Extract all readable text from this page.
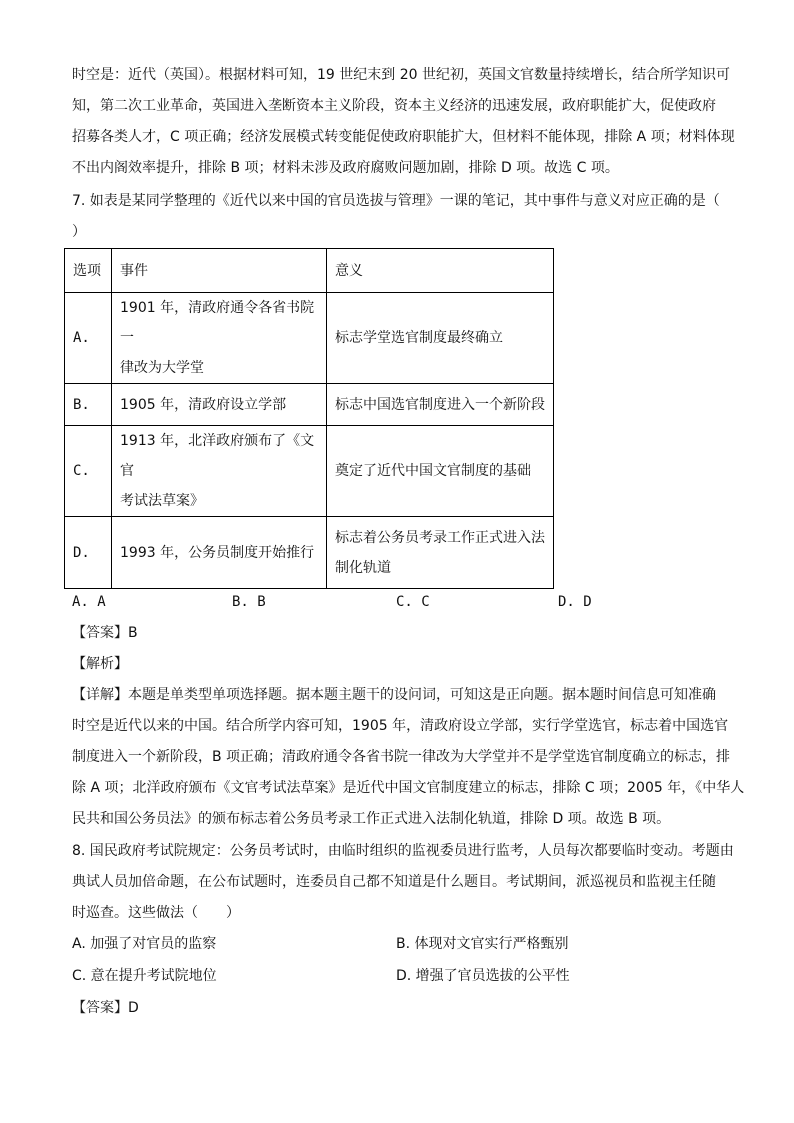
时空是：近代（英国）。根据材料可知，19 世纪末到 20 世纪初，英国文官数量持续增长，结合所学知识可
知，第二次工业革命，英国进入垄断资本主义阶段，资本主义经济的迅速发展，政府职能扩大，促使政府
招募各类人才，C 项正确；经济发展模式转变能促使政府职能扩大，但材料不能体现，排除 A 项；材料体现
不出内阁效率提升，排除 B 项；材料未涉及政府腐败问题加剧，排除 D 项。故选 C 项。
7. 如表是某同学整理的《近代以来中国的官员选拔与管理》一课的笔记，其中事件与意义对应正确的是（
）
选项	事件	意义
A.	1901 年，清政府通令各省书院一
律改为大学堂	标志学堂选官制度最终确立

B.	1905 年，清政府设立学部	标志中国选官制度进入一个新阶段

C.	1913 年，北洋政府颁布了《文官
考试法草案》	奠定了近代中国文官制度的基础

D.	1993 年，公务员制度开始推行	标志着公务员考录工作正式进入法
制化轨道
A. A	B. B	C. C	D. D
【答案】B
【解析】
【详解】本题是单类型单项选择题。据本题主题干的设问词，可知这是正向题。据本题时间信息可知准确
时空是近代以来的中国。结合所学内容可知，1905 年，清政府设立学部，实行学堂选官，标志着中国选官
制度进入一个新阶段，B 项正确；清政府通令各省书院一律改为大学堂并不是学堂选官制度确立的标志，排
除 A 项；北洋政府颁布《文官考试法草案》是近代中国文官制度建立的标志，排除 C 项；2005 年，《中华人
民共和国公务员法》的颁布标志着公务员考录工作正式进入法制化轨道，排除 D 项。故选 B 项。
8. 国民政府考试院规定：公务员考试时，由临时组织的监视委员进行监考，人员每次都要临时变动。考题由
典试人员加倍命题，在公布试题时，连委员自己都不知道是什么题目。考试期间，派巡视员和监视主任随
时巡查。这些做法（　　）
A. 加强了对官员的监察	B. 体现对文官实行严格甄别
C. 意在提升考试院地位	D. 增强了官员选拔的公平性
【答案】D
